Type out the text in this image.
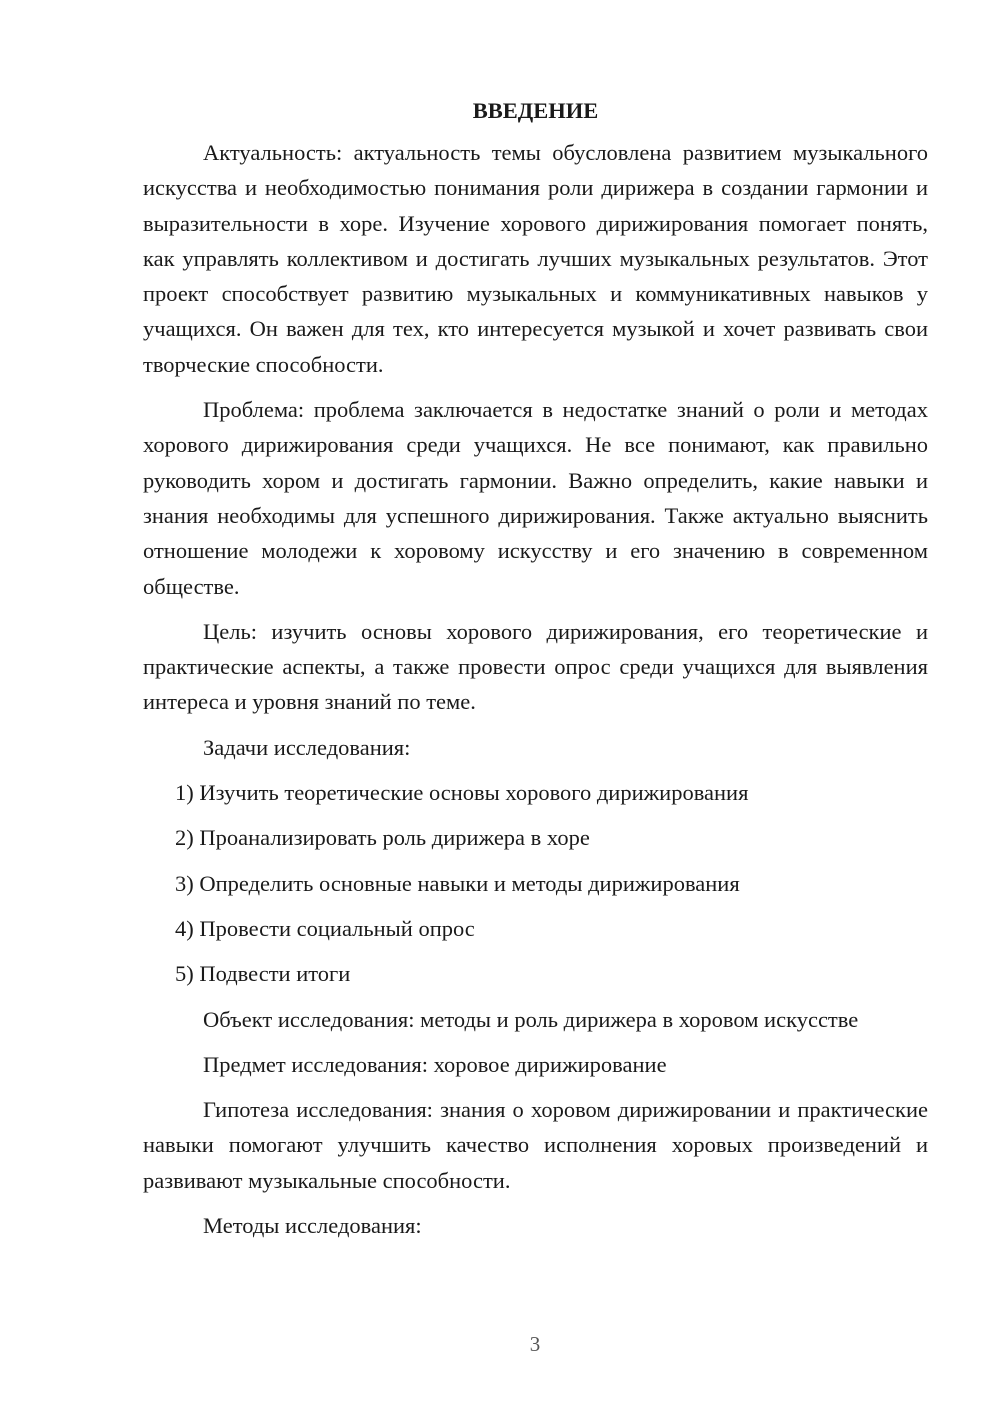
ВВЕДЕНИЕ

Актуальность: актуальность темы обусловлена развитием музыкального искусства и необходимостью понимания роли дирижера в создании гармонии и выразительности в хоре. Изучение хорового дирижирования помогает понять, как управлять коллективом и достигать лучших музыкальных результатов. Этот проект способствует развитию музыкальных и коммуникативных навыков у учащихся. Он важен для тех, кто интересуется музыкой и хочет развивать свои творческие способности.

Проблема: проблема заключается в недостатке знаний о роли и методах хорового дирижирования среди учащихся. Не все понимают, как правильно руководить хором и достигать гармонии. Важно определить, какие навыки и знания необходимы для успешного дирижирования. Также актуально выяснить отношение молодежи к хоровому искусству и его значению в современном обществе.

Цель: изучить основы хорового дирижирования, его теоретические и практические аспекты, а также провести опрос среди учащихся для выявления интереса и уровня знаний по теме.

Задачи исследования:

1) Изучить теоретические основы хорового дирижирования

2) Проанализировать роль дирижера в хоре

3) Определить основные навыки и методы дирижирования

4) Провести социальный опрос

5) Подвести итоги

Объект исследования: методы и роль дирижера в хоровом искусстве

Предмет исследования: хоровое дирижирование

Гипотеза исследования: знания о хоровом дирижировании и практические навыки помогают улучшить качество исполнения хоровых произведений и развивают музыкальные способности.

Методы исследования:

3
